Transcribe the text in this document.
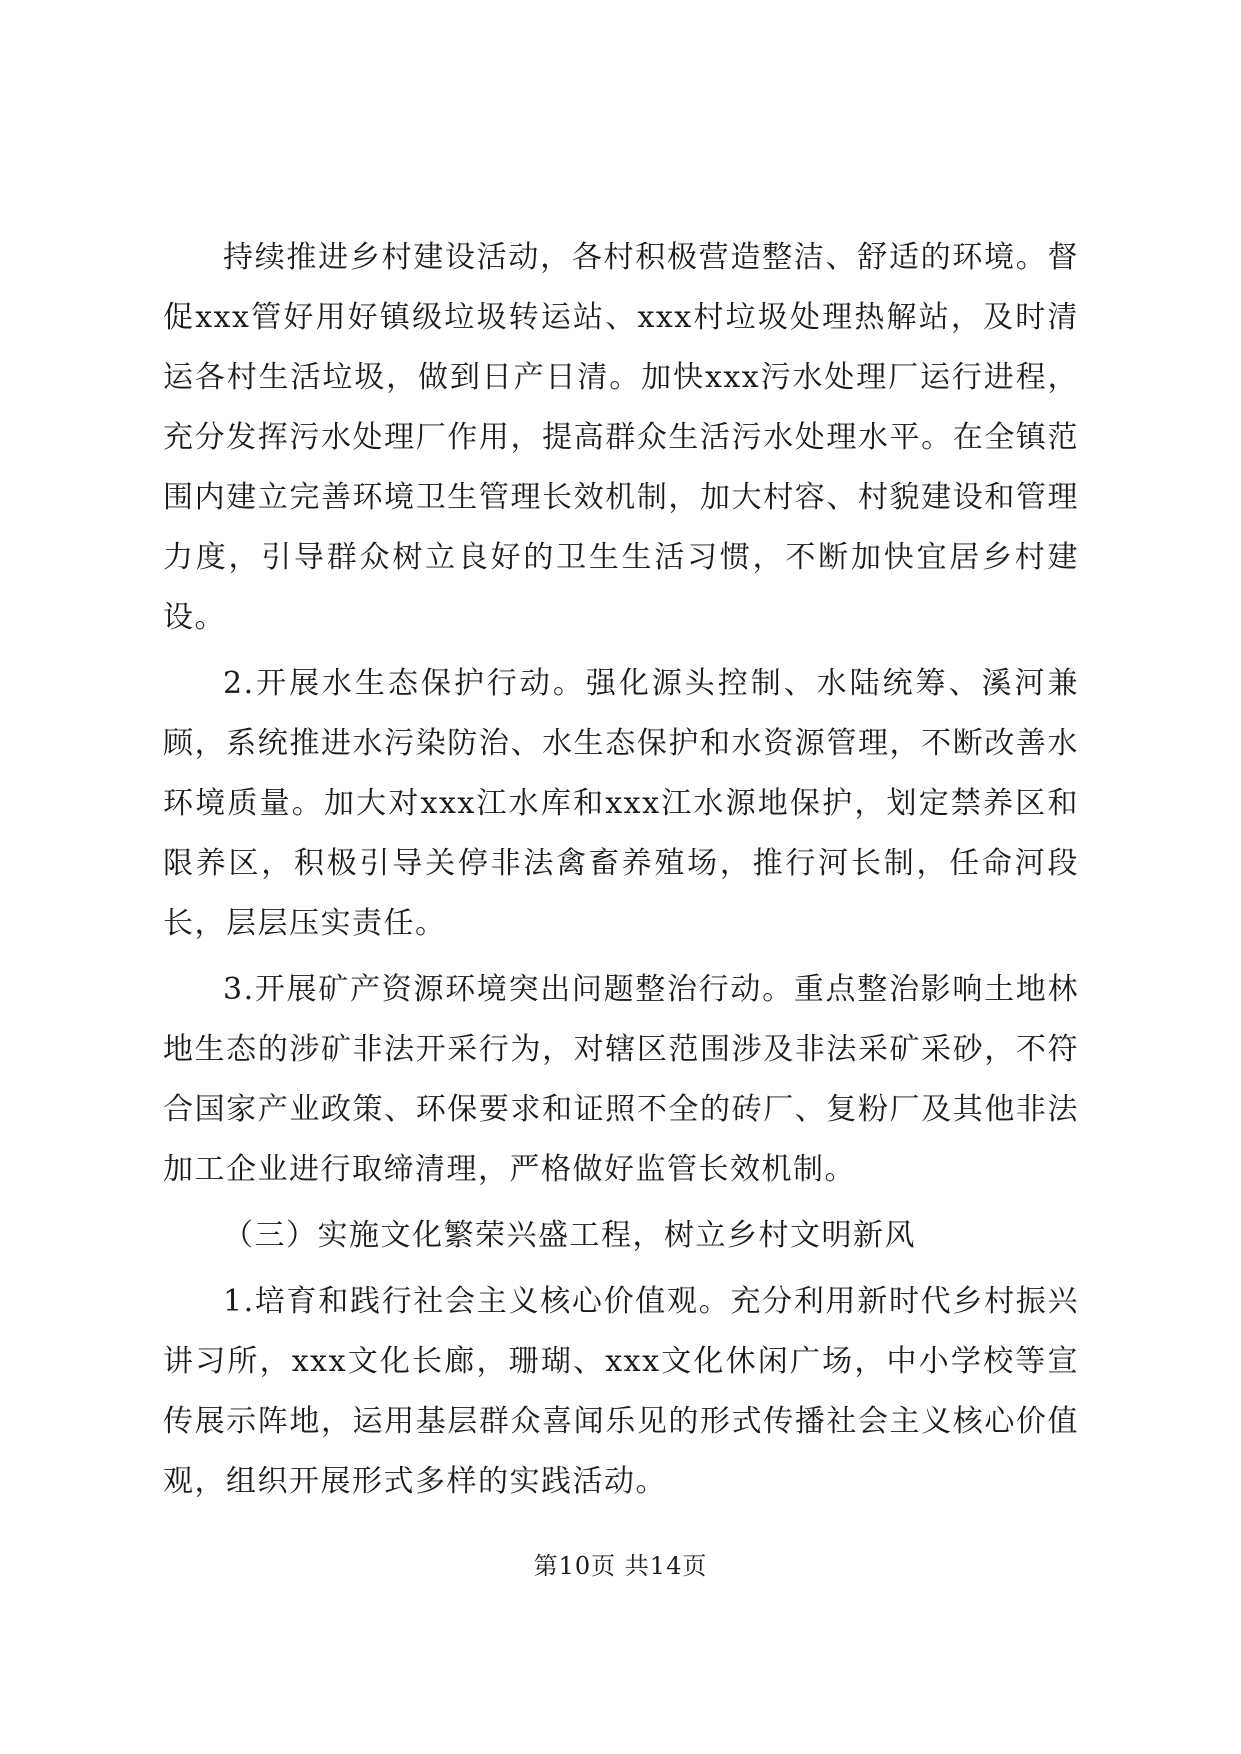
持续推进乡村建设活动，各村积极营造整洁、舒适的环境。督促xxx管好用好镇级垃圾转运站、xxx村垃圾处理热解站，及时清运各村生活垃圾，做到日产日清。加快xxx污水处理厂运行进程，充分发挥污水处理厂作用，提高群众生活污水处理水平。在全镇范围内建立完善环境卫生管理长效机制，加大村容、村貌建设和管理力度，引导群众树立良好的卫生生活习惯，不断加快宜居乡村建设。

2.开展水生态保护行动。强化源头控制、水陆统筹、溪河兼顾，系统推进水污染防治、水生态保护和水资源管理，不断改善水环境质量。加大对xxx江水库和xxx江水源地保护，划定禁养区和限养区，积极引导关停非法禽畜养殖场，推行河长制，任命河段长，层层压实责任。

3.开展矿产资源环境突出问题整治行动。重点整治影响土地林地生态的涉矿非法开采行为，对辖区范围涉及非法采矿采砂，不符合国家产业政策、环保要求和证照不全的砖厂、复粉厂及其他非法加工企业进行取缔清理，严格做好监管长效机制。

（三）实施文化繁荣兴盛工程，树立乡村文明新风

1.培育和践行社会主义核心价值观。充分利用新时代乡村振兴讲习所，xxx文化长廊，珊瑚、xxx文化休闲广场，中小学校等宣传展示阵地，运用基层群众喜闻乐见的形式传播社会主义核心价值观，组织开展形式多样的实践活动。

第10页 共14页
